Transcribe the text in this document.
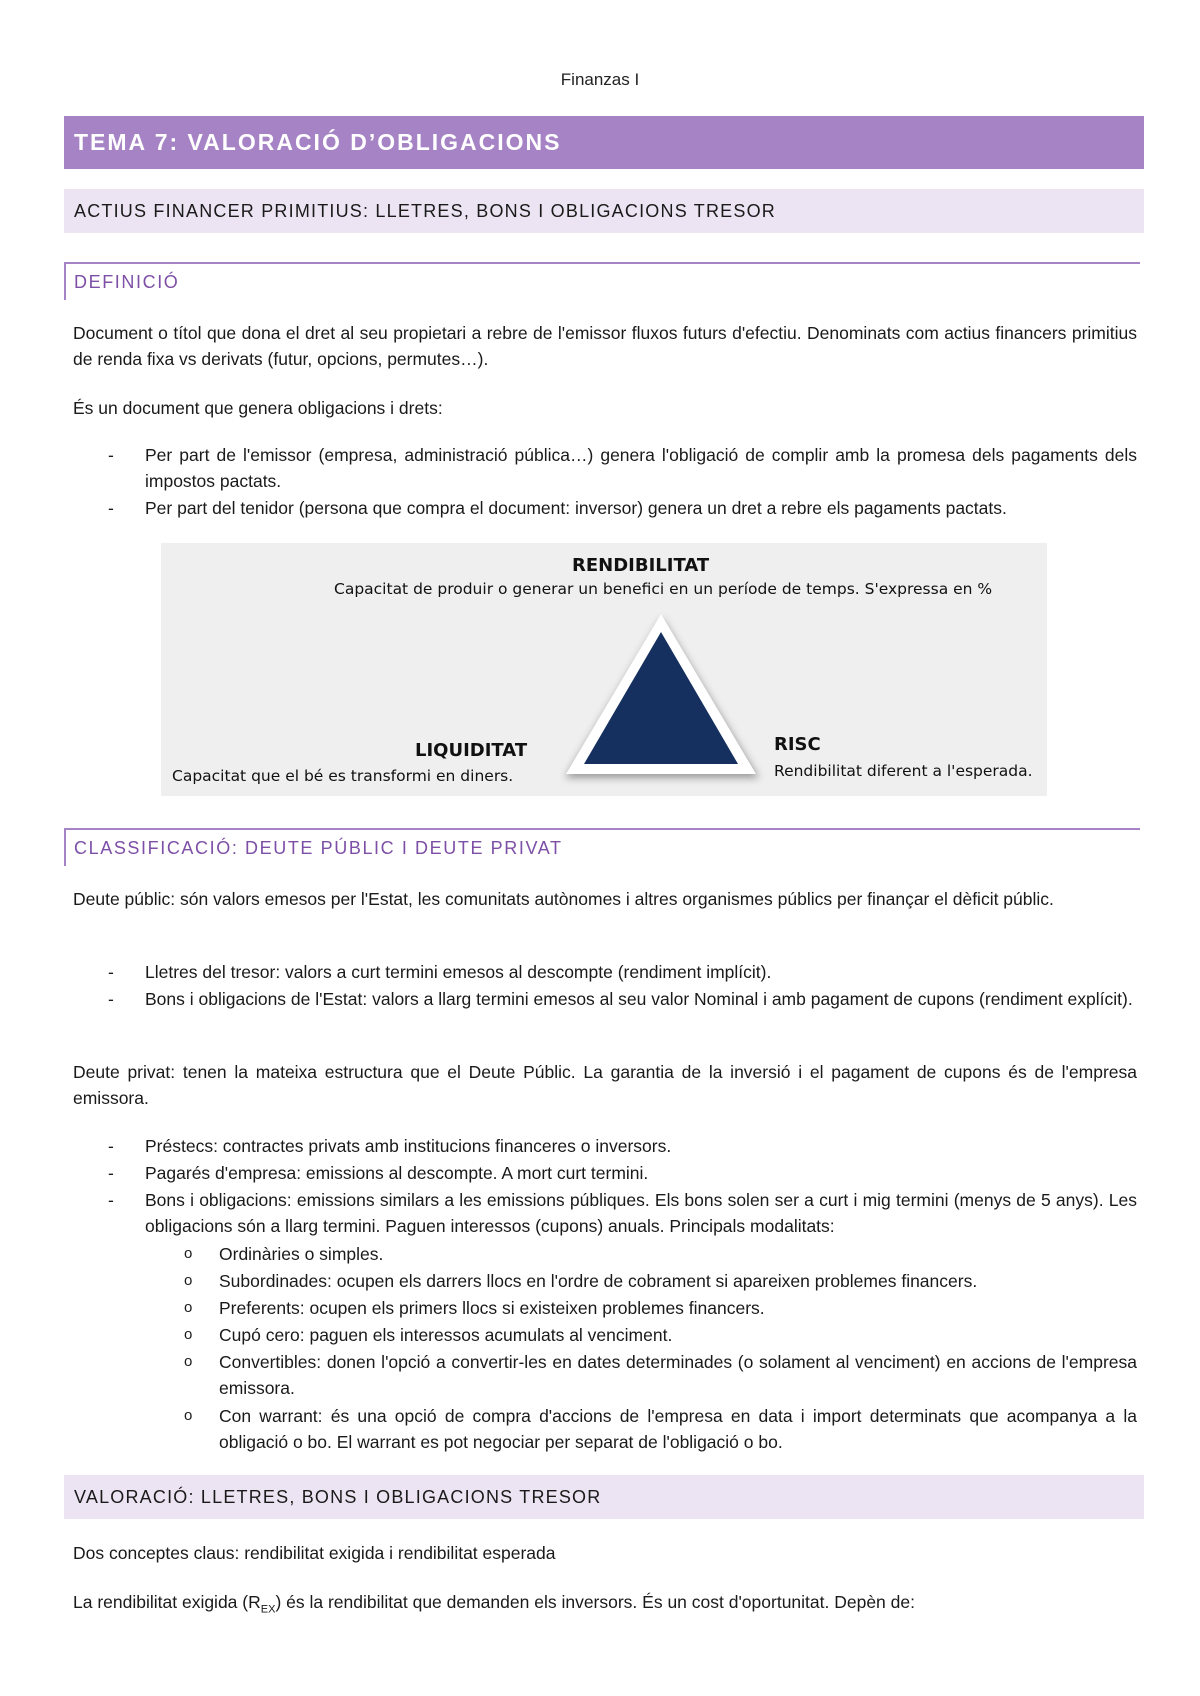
Finanzas I
TEMA 7: VALORACIÓ D’OBLIGACIONS
ACTIUS FINANCER PRIMITIUS: LLETRES, BONS I OBLIGACIONS TRESOR
DEFINICIÓ
Document o títol que dona el dret al seu propietari a rebre de l'emissor fluxos futurs d'efectiu. Denominats com actius financers primitius de renda fixa vs derivats (futur, opcions, permutes…).
És un document que genera obligacions i drets:
- Per part de l'emissor (empresa, administració pública…) genera l'obligació de complir amb la promesa dels pagaments dels impostos pactats.
- Per part del tenidor (persona que compra el document: inversor) genera un dret a rebre els pagaments pactats.
RENDIBILITAT
Capacitat de produir o generar un benefici en un període de temps. S'expressa en %
LIQUIDITAT
Capacitat que el bé es transformi en diners.
RISC
Rendibilitat diferent a l'esperada.
CLASSIFICACIÓ: DEUTE PÚBLIC I DEUTE PRIVAT
Deute públic: són valors emesos per l'Estat, les comunitats autònomes i altres organismes públics per finançar el dèficit públic.
- Lletres del tresor: valors a curt termini emesos al descompte (rendiment implícit).
- Bons i obligacions de l'Estat: valors a llarg termini emesos al seu valor Nominal i amb pagament de cupons (rendiment explícit).
Deute privat: tenen la mateixa estructura que el Deute Públic. La garantia de la inversió i el pagament de cupons és de l'empresa emissora.
- Préstecs: contractes privats amb institucions financeres o inversors.
- Pagarés d'empresa: emissions al descompte. A mort curt termini.
- Bons i obligacions: emissions similars a les emissions públiques. Els bons solen ser a curt i mig termini (menys de 5 anys). Les obligacions són a llarg termini. Paguen interessos (cupons) anuals. Principals modalitats:
o Ordinàries o simples.
o Subordinades: ocupen els darrers llocs en l'ordre de cobrament si apareixen problemes financers.
o Preferents: ocupen els primers llocs si existeixen problemes financers.
o Cupó cero: paguen els interessos acumulats al venciment.
o Convertibles: donen l'opció a convertir-les en dates determinades (o solament al venciment) en accions de l'empresa emissora.
o Con warrant: és una opció de compra d'accions de l'empresa en data i import determinats que acompanya a la obligació o bo. El warrant es pot negociar per separat de l'obligació o bo.
VALORACIÓ: LLETRES, BONS I OBLIGACIONS TRESOR
Dos conceptes claus: rendibilitat exigida i rendibilitat esperada
La rendibilitat exigida $(R_{EX})$ és la rendibilitat que demanden els inversors. És un cost d'oportunitat. Depèn de:
